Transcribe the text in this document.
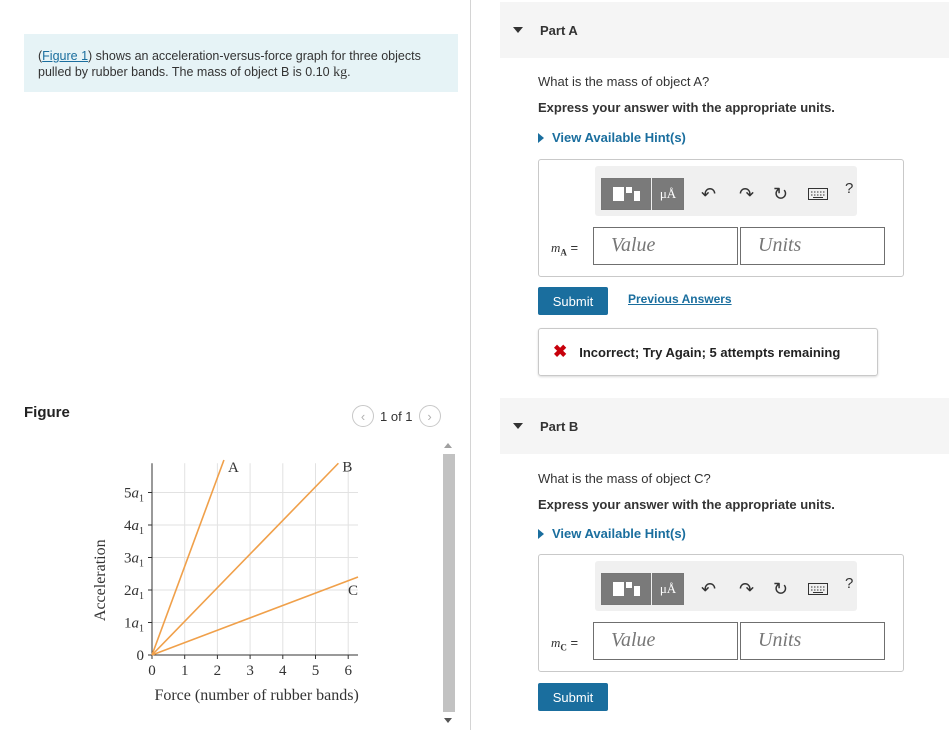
(Figure 1) shows an acceleration-versus-force graph for three objects pulled by rubber bands. The mass of object B is 0.10 kg.
Figure	‹	1 of 1	›
0 1 2 3 4 5 6
0
$1a_1$
$2a_1$
$3a_1$
$4a_1$
$5a_1$
A	B
C
Force (number of rubber bands)
Acceleration
Part A
What is the mass of object A?
Express your answer with the appropriate units.
View Available Hint(s)
μÅ	↶ ↷ ↻	?
$m_A$ =	Value	Units
Submit	Previous Answers
✖ Incorrect; Try Again; 5 attempts remaining
Part B
What is the mass of object C?
Express your answer with the appropriate units.
View Available Hint(s)
μÅ	↶ ↷ ↻	?
$m_C$ =	Value	Units
Submit
